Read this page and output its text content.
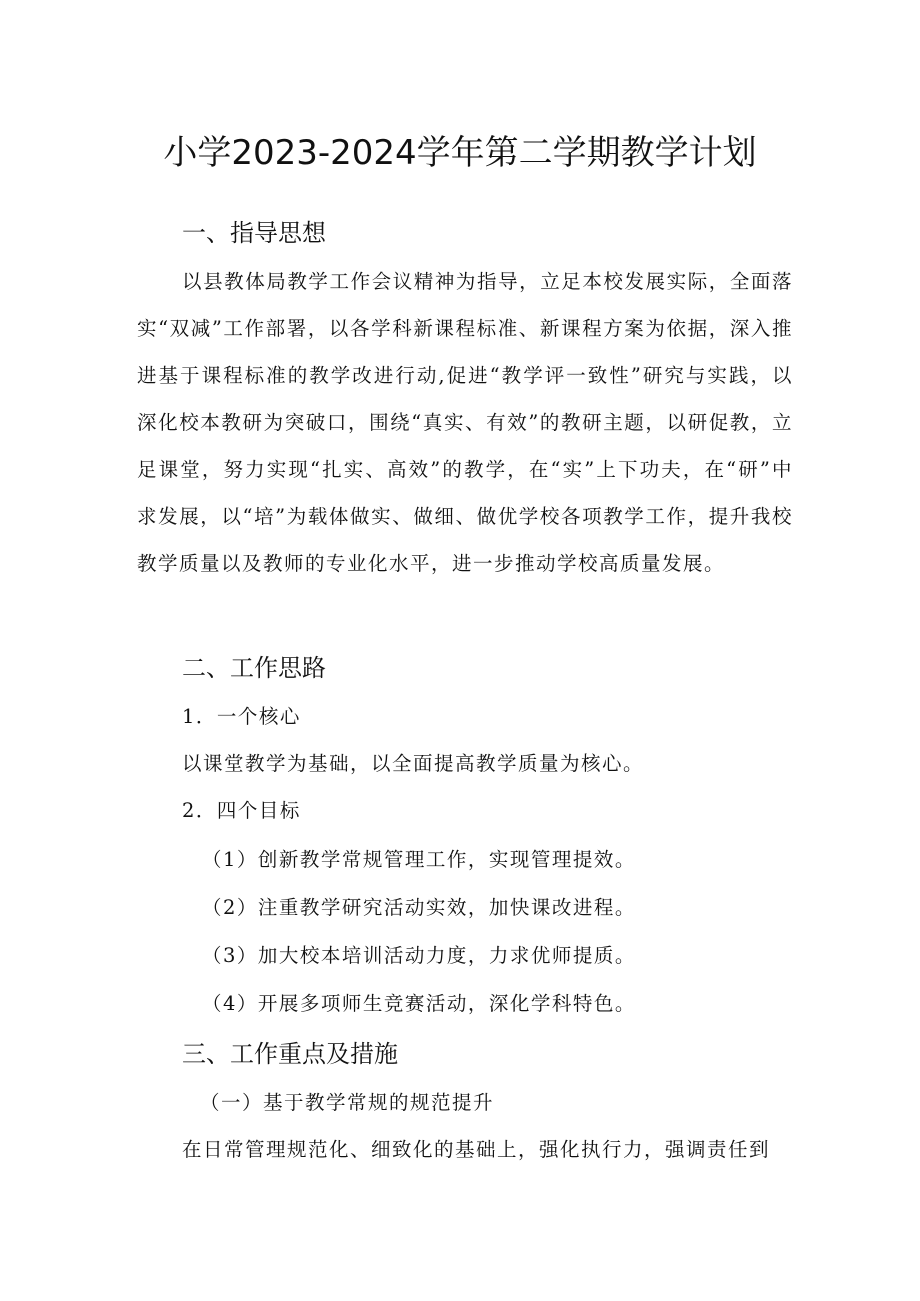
小学2023-2024学年第二学期教学计划
一、指导思想

以县教体局教学工作会议精神为指导，立足本校发展实际，全面落实“双减”工作部署，以各学科新课程标准、新课程方案为依据，深入推进基于课程标准的教学改进行动,促进“教学评一致性”研究与实践，以深化校本教研为突破口，围绕“真实、有效”的教研主题，以研促教，立足课堂，努力实现“扎实、高效”的教学，在“实”上下功夫，在“研”中求发展，以“培”为载体做实、做细、做优学校各项教学工作，提升我校教学质量以及教师的专业化水平，进一步推动学校高质量发展。

二、工作思路
1．一个核心
以课堂教学为基础，以全面提高教学质量为核心。
2．四个目标
（1）创新教学常规管理工作，实现管理提效。
（2）注重教学研究活动实效，加快课改进程。
（3）加大校本培训活动力度，力求优师提质。
（4）开展多项师生竞赛活动，深化学科特色。
三、工作重点及措施
（一）基于教学常规的规范提升
在日常管理规范化、细致化的基础上，强化执行力，强调责任到
